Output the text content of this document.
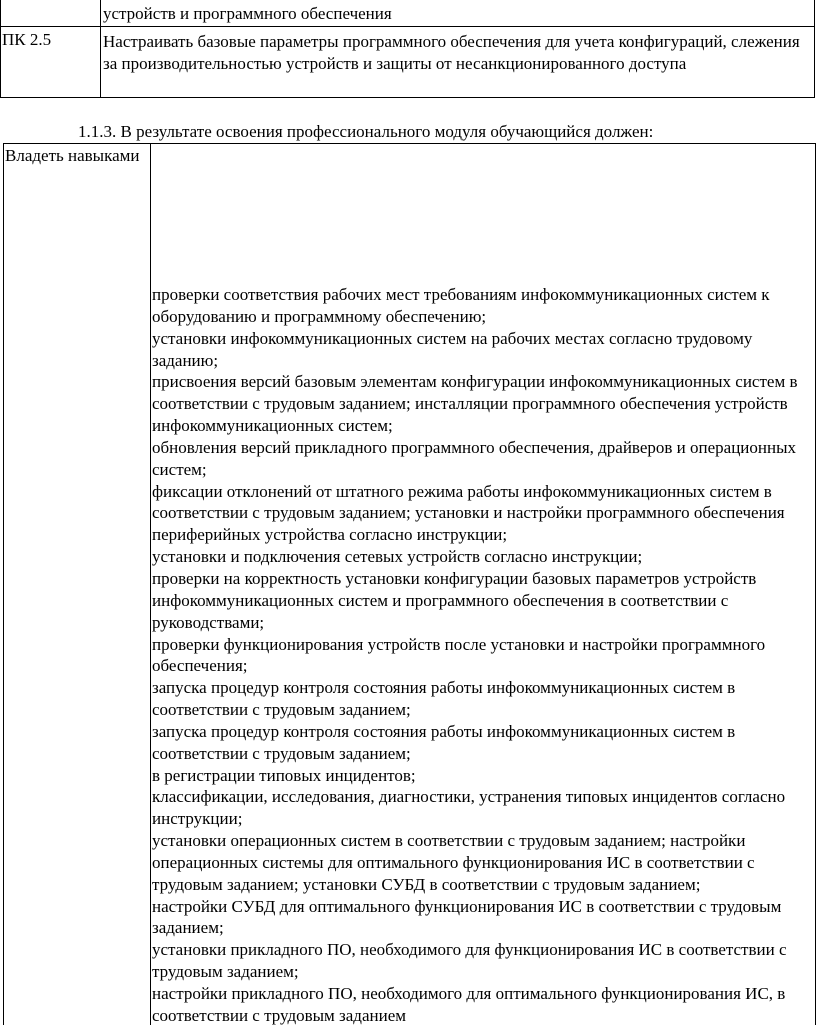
устройств и программного обеспечения
ПК 2.5	Настраивать базовые параметры программного обеспечения для учета конфигураций, слежения за производительностью устройств и защиты от несанкционированного доступа
1.1.3. В результате освоения профессионального модуля обучающийся должен:
Владеть навыками

проверки соответствия рабочих мест требованиям инфокоммуникационных систем к оборудованию и программному обеспечению;

установки инфокоммуникационных систем на рабочих местах согласно трудовому заданию;

присвоения версий базовым элементам конфигурации инфокоммуникационных систем в соответствии с трудовым заданием; инсталляции программного обеспечения устройств инфокоммуникационных систем;

обновления версий прикладного программного обеспечения, драйверов и операционных систем;

фиксации отклонений от штатного режима работы инфокоммуникационных систем в соответствии с трудовым заданием; установки и настройки программного обеспечения периферийных устройства согласно инструкции;

установки и подключения сетевых устройств согласно инструкции;

проверки на корректность установки конфигурации базовых параметров устройств инфокоммуникационных систем и программного обеспечения в соответствии с руководствами;

проверки функционирования устройств после установки и настройки программного обеспечения;

запуска процедур контроля состояния работы инфокоммуникационных систем в соответствии с трудовым заданием;

запуска процедур контроля состояния работы инфокоммуникационных систем в соответствии с трудовым заданием;

в регистрации типовых инцидентов;

классификации, исследования, диагностики, устранения типовых инцидентов согласно инструкции;

установки операционных систем в соответствии с трудовым заданием; настройки операционных системы для оптимального функционирования ИС в соответствии с трудовым заданием; установки СУБД в соответствии с трудовым заданием;

настройки СУБД для оптимального функционирования ИС в соответствии с трудовым заданием;

установки прикладного ПО, необходимого для функционирования ИС в соответствии с трудовым заданием;

настройки прикладного ПО, необходимого для оптимального функционирования ИС, в соответствии с трудовым заданием
